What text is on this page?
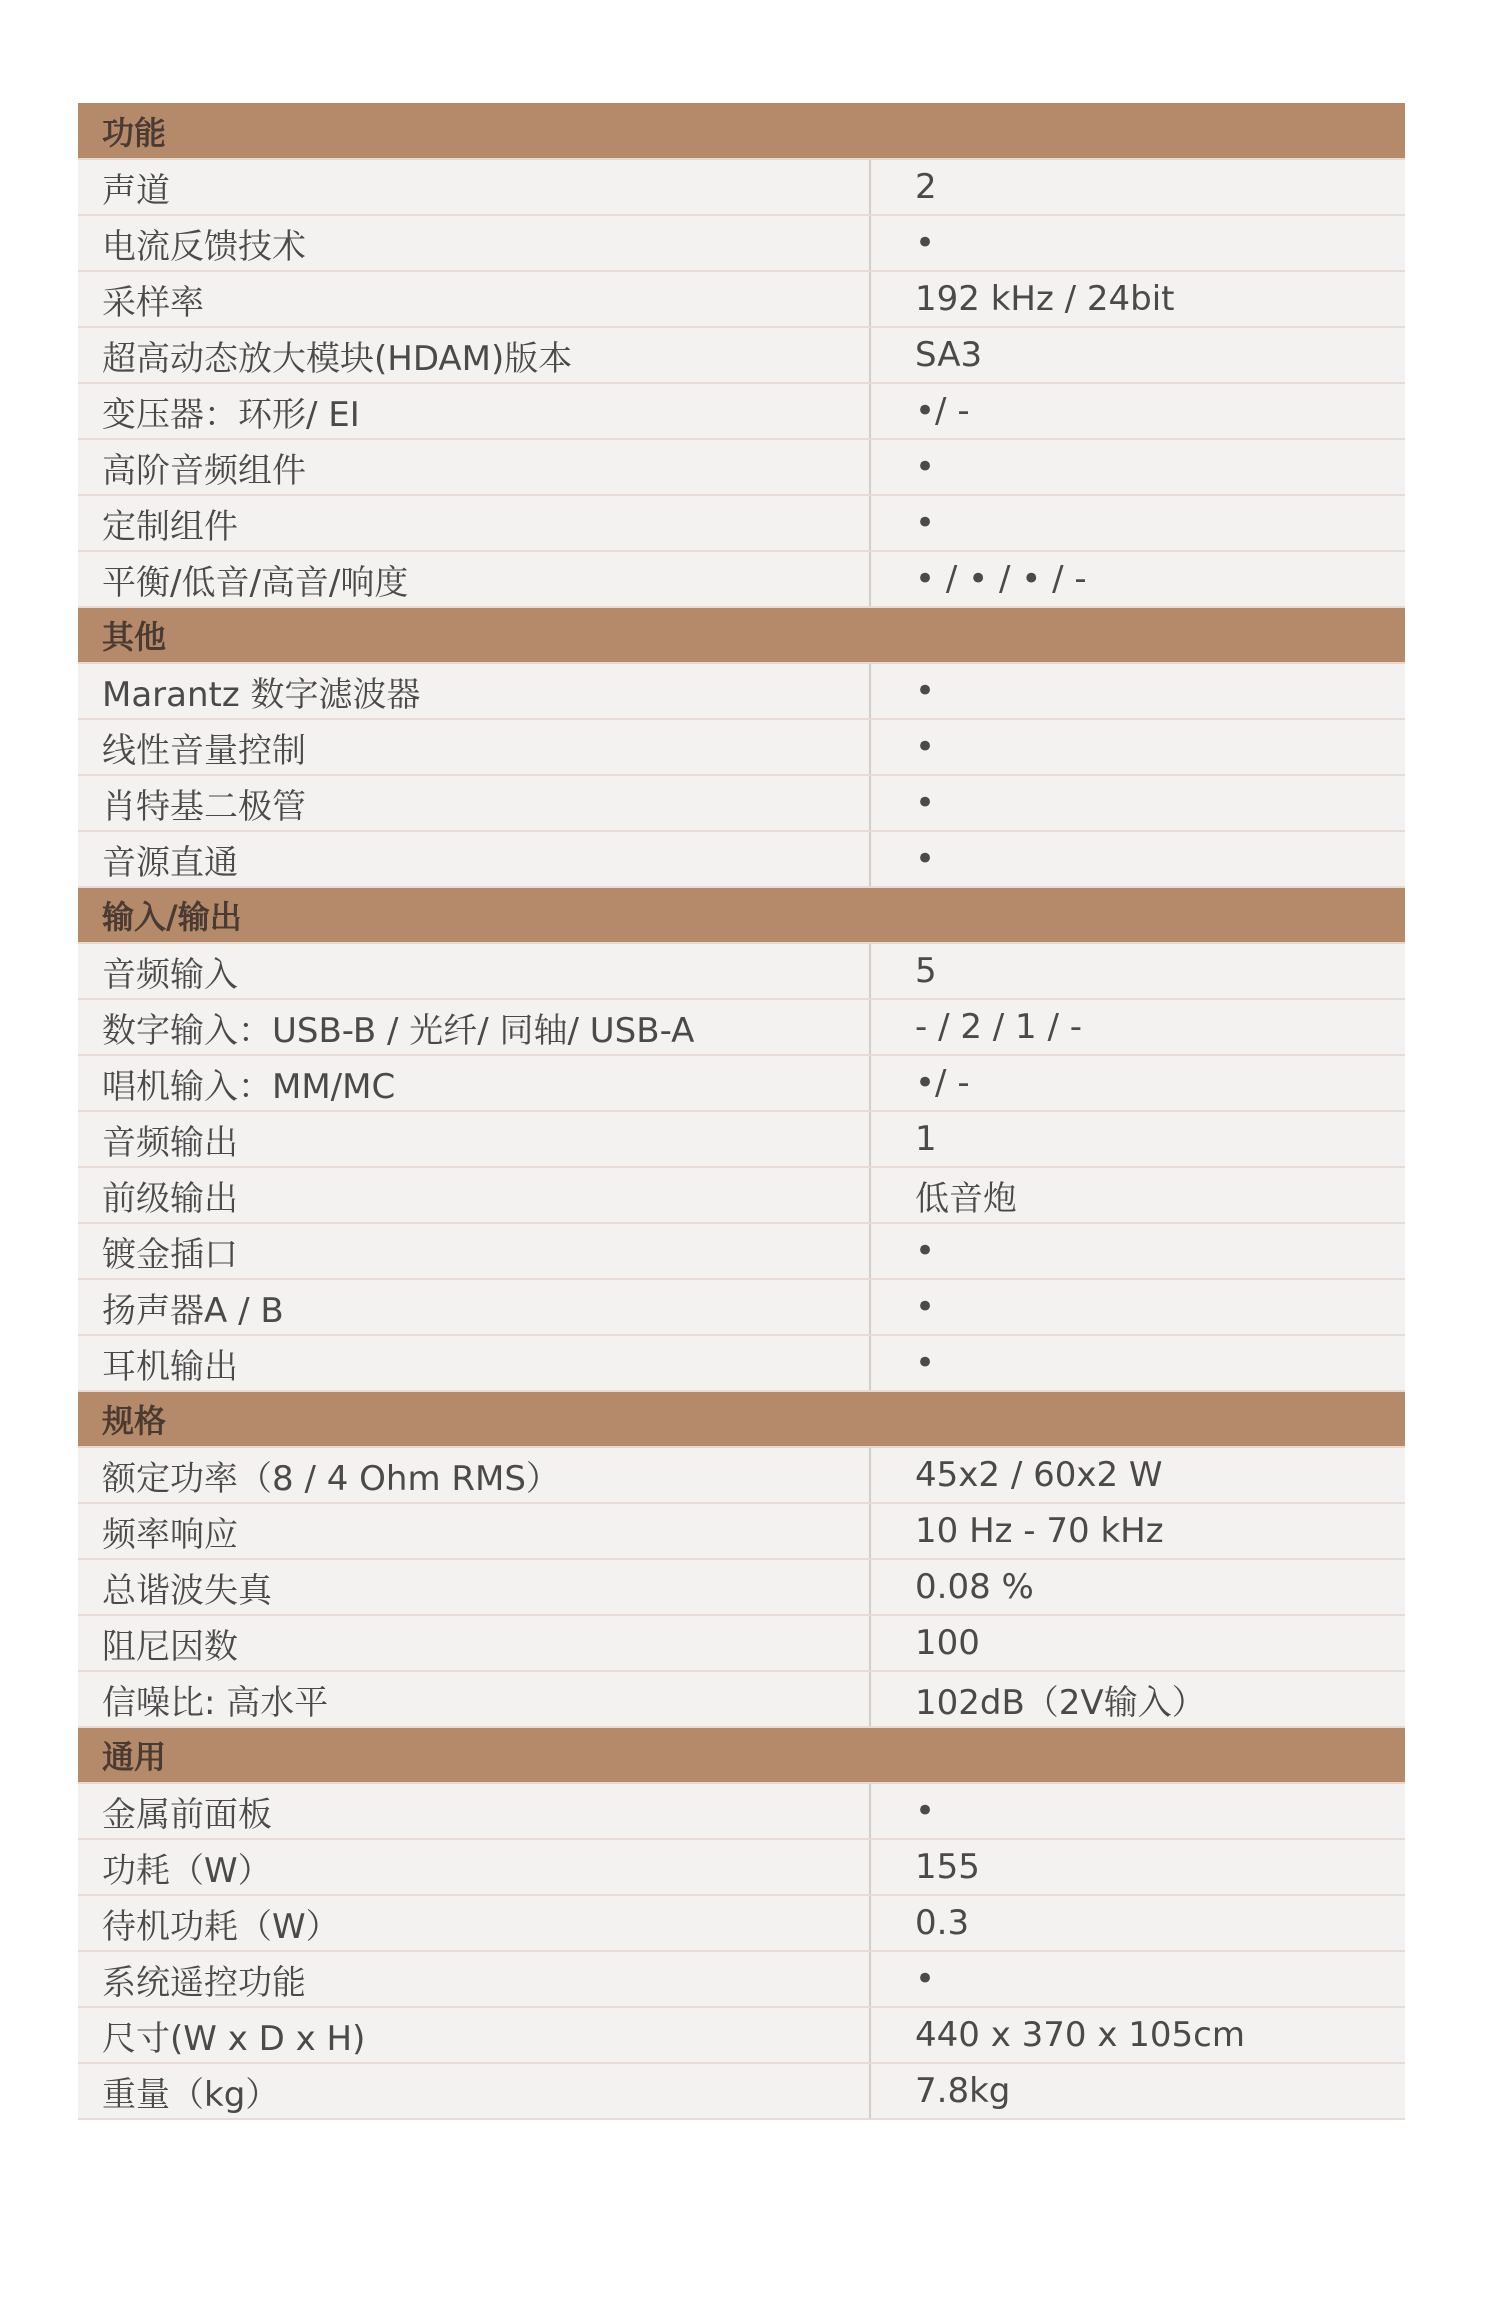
功能	
声道	2
电流反馈技术	•
采样率	192 kHz / 24bit
超高动态放大模块(HDAM)版本	SA3
变压器：环形/ EI	•/ -
高阶音频组件	•
定制组件	•
平衡/低音/高音/响度	• / • / • / -
其他	
Marantz 数字滤波器	•
线性音量控制	•
肖特基二极管	•
音源直通	•
输入/输出	
音频输入	5
数字输入：USB-B / 光纤/ 同轴/ USB-A	- / 2 / 1 / -
唱机输入：MM/MC	•/ -
音频输出	1
前级输出	低音炮
镀金插口	•
扬声器A / B	•
耳机输出	•
规格	
额定功率（8 / 4 Ohm RMS）	45x2 / 60x2 W
频率响应	10 Hz - 70 kHz
总谐波失真	0.08 %
阻尼因数	100
信噪比: 高水平	102dB（2V输入）
通用	
金属前面板	•
功耗（W）	155
待机功耗（W）	0.3
系统遥控功能	•
尺寸(W x D x H)	440 x 370 x 105cm
重量（kg）	7.8kg
